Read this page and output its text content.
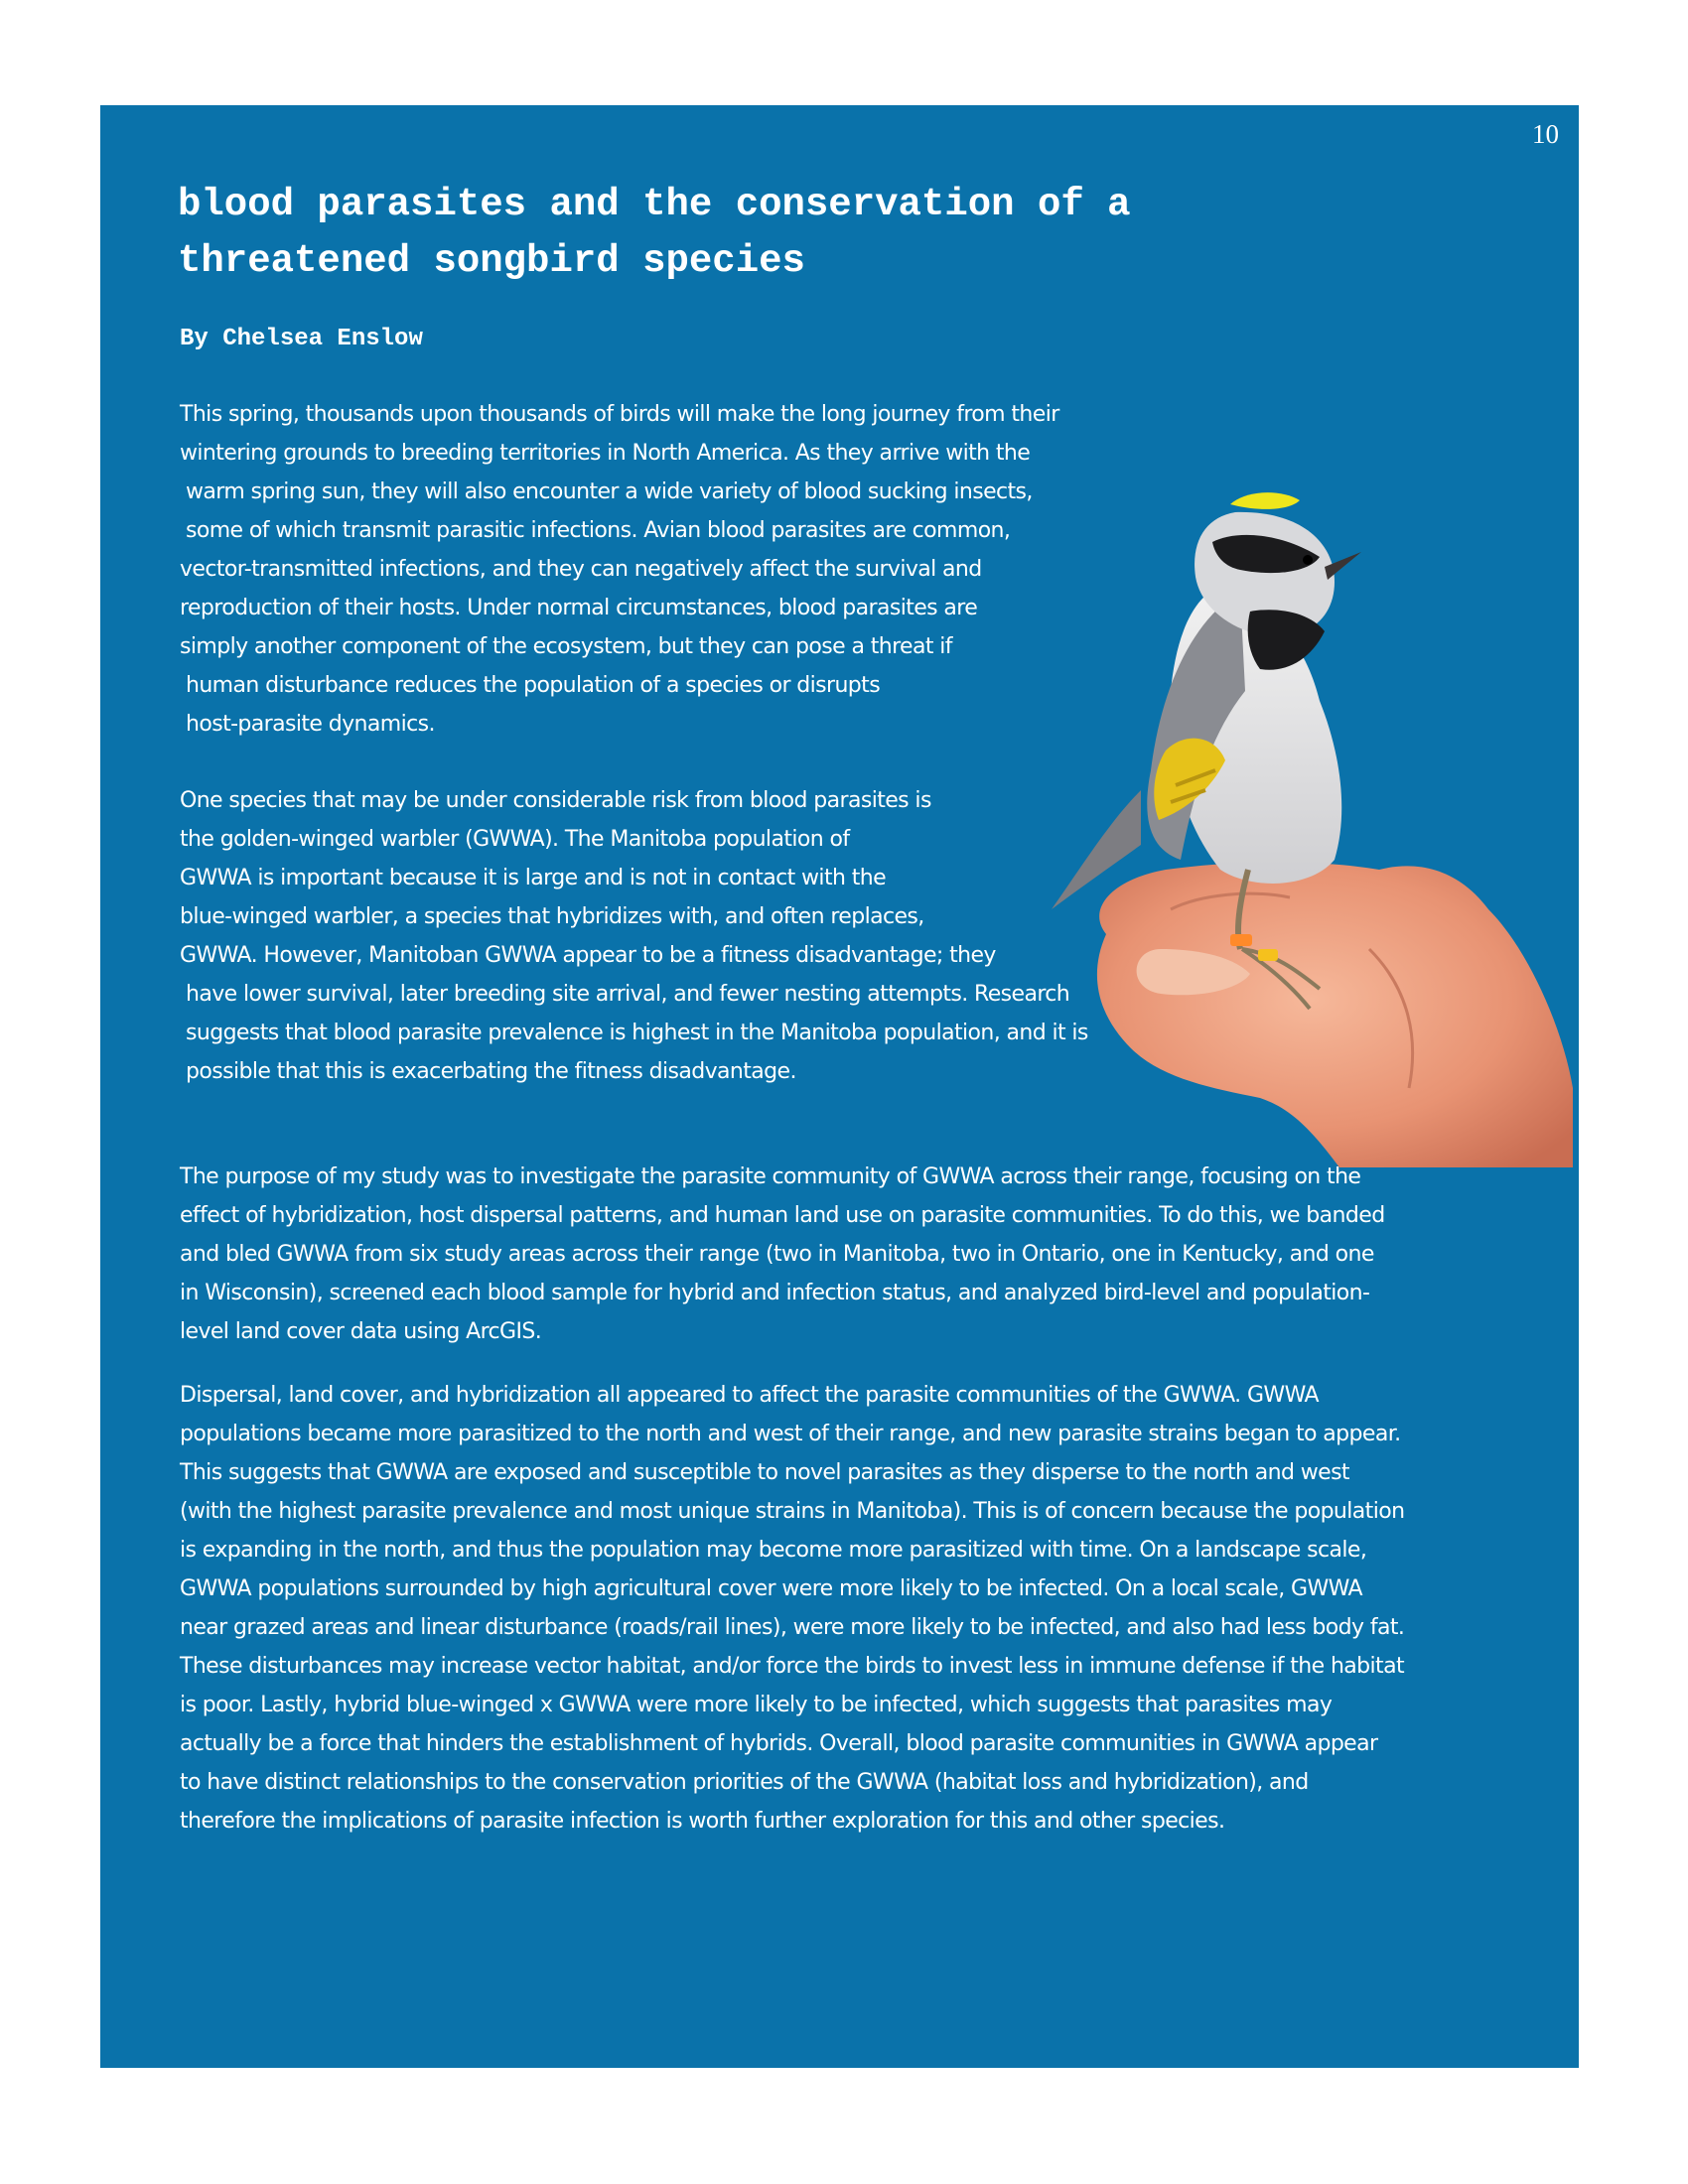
10
blood parasites and the conservation of a
threatened songbird species

By Chelsea Enslow

This spring, thousands upon thousands of birds will make the long journey from their
wintering grounds to breeding territories in North America. As they arrive with the
warm spring sun, they will also encounter a wide variety of blood sucking insects,
some of which transmit parasitic infections. Avian blood parasites are common,
vector-transmitted infections, and they can negatively affect the survival and
reproduction of their hosts. Under normal circumstances, blood parasites are
simply another component of the ecosystem, but they can pose a threat if
human disturbance reduces the population of a species or disrupts
host-parasite dynamics.

One species that may be under considerable risk from blood parasites is
the golden-winged warbler (GWWA). The Manitoba population of
GWWA is important because it is large and is not in contact with the
blue-winged warbler, a species that hybridizes with, and often replaces,
GWWA. However, Manitoban GWWA appear to be a fitness disadvantage; they
have lower survival, later breeding site arrival, and fewer nesting attempts. Research
suggests that blood parasite prevalence is highest in the Manitoba population, and it is
possible that this is exacerbating the fitness disadvantage.

The purpose of my study was to investigate the parasite community of GWWA across their range, focusing on the
effect of hybridization, host dispersal patterns, and human land use on parasite communities. To do this, we banded
and bled GWWA from six study areas across their range (two in Manitoba, two in Ontario, one in Kentucky, and one
in Wisconsin), screened each blood sample for hybrid and infection status, and analyzed bird-level and population-
level land cover data using ArcGIS.

Dispersal, land cover, and hybridization all appeared to affect the parasite communities of the GWWA. GWWA
populations became more parasitized to the north and west of their range, and new parasite strains began to appear.
This suggests that GWWA are exposed and susceptible to novel parasites as they disperse to the north and west
(with the highest parasite prevalence and most unique strains in Manitoba). This is of concern because the population
is expanding in the north, and thus the population may become more parasitized with time. On a landscape scale,
GWWA populations surrounded by high agricultural cover were more likely to be infected. On a local scale, GWWA
near grazed areas and linear disturbance (roads/rail lines), were more likely to be infected, and also had less body fat.
These disturbances may increase vector habitat, and/or force the birds to invest less in immune defense if the habitat
is poor. Lastly, hybrid blue-winged x GWWA were more likely to be infected, which suggests that parasites may
actually be a force that hinders the establishment of hybrids. Overall, blood parasite communities in GWWA appear
to have distinct relationships to the conservation priorities of the GWWA (habitat loss and hybridization), and
therefore the implications of parasite infection is worth further exploration for this and other species.
